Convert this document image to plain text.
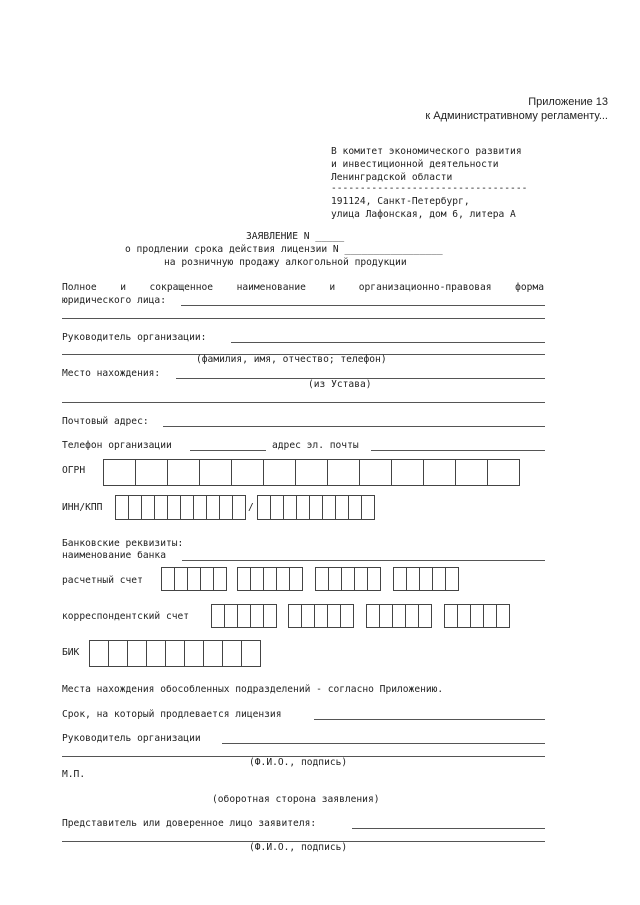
Приложение 13
к Административному регламенту...
В комитет экономического развития
и инвестиционной деятельности
Ленинградской области
----------------------------------
191124, Санкт-Петербург,
улица Лафонская, дом 6, литера А
ЗАЯВЛЕНИЕ N _____
о продлении срока действия лицензии N _________________
на розничную продажу алкогольной продукции
Полное и сокращенное наименование и организационно-правовая форма
юридического лица:
Руководитель организации:
(фамилия, имя, отчество; телефон)
Место нахождения:
(из Устава)
Почтовый адрес:
Телефон организации	адрес эл. почты
ОГРН
ИНН/КПП	/
Банковские реквизиты:
наименование банка
расчетный счет
корреспондентский счет
БИК
Места нахождения обособленных подразделений - согласно Приложению.
Срок, на который продлевается лицензия
Руководитель организации
(Ф.И.О., подпись)
М.П.
(оборотная сторона заявления)
Представитель или доверенное лицо заявителя:
(Ф.И.О., подпись)
